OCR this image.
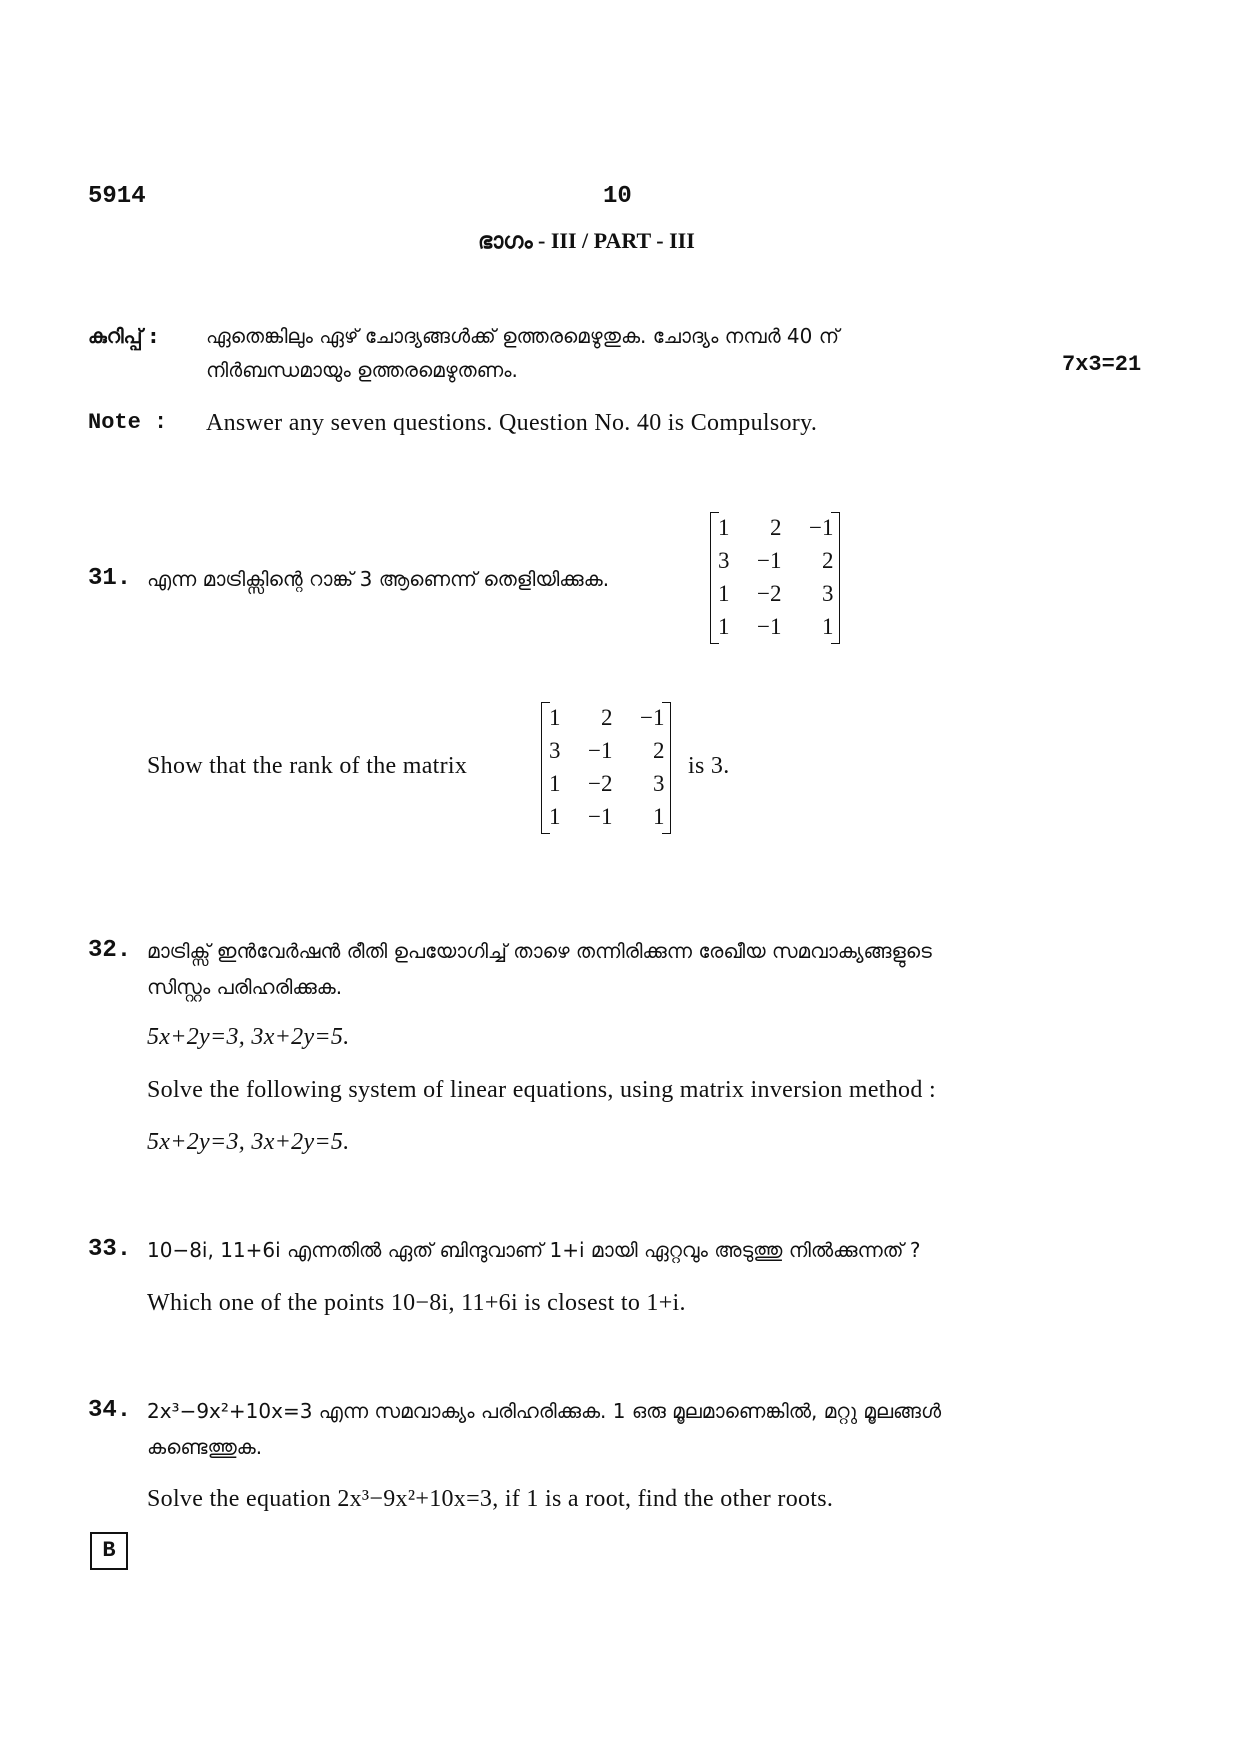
5914	10
ഭാഗം - III / PART - III
കുറിപ്പ് : ഏതെങ്കിലും ഏഴ് ചോദ്യങ്ങൾക്ക് ഉത്തരമെഴുതുക. ചോദ്യം നമ്പർ 40 ന്
നിർബന്ധമായും ഉത്തരമെഴുതണം.	7x3=21
Note : Answer any seven questions. Question No. 40 is Compulsory.
31. എന്ന മാട്രിക്സിന്റെ റാങ്ക് 3 ആണെന്ന് തെളിയിക്കുക.
1	2	−1
3	−1	2
1	−2	3
1	−1	1
Show that the rank of the matrix
1	2	−1
3	−1	2
1	−2	3
1	−1	1
is 3.
32. മാട്രിക്സ് ഇൻവേർഷൻ രീതി ഉപയോഗിച്ച് താഴെ തന്നിരിക്കുന്ന രേഖീയ സമവാക്യങ്ങളുടെ
സിസ്റ്റം പരിഹരിക്കുക.
5x+2y=3, 3x+2y=5.
Solve the following system of linear equations, using matrix inversion method :
5x+2y=3, 3x+2y=5.
33. 10−8i, 11+6i എന്നതിൽ ഏത് ബിന്ദുവാണ് 1+i മായി ഏറ്റവും അടുത്തു നിൽക്കുന്നത് ?
Which one of the points 10−8i, 11+6i is closest to 1+i.
34. 2x³−9x²+10x=3 എന്ന സമവാക്യം പരിഹരിക്കുക. 1 ഒരു മൂലമാണെങ്കിൽ, മറ്റു മൂലങ്ങൾ
കണ്ടെത്തുക.
Solve the equation 2x³−9x²+10x=3, if 1 is a root, find the other roots.
B
